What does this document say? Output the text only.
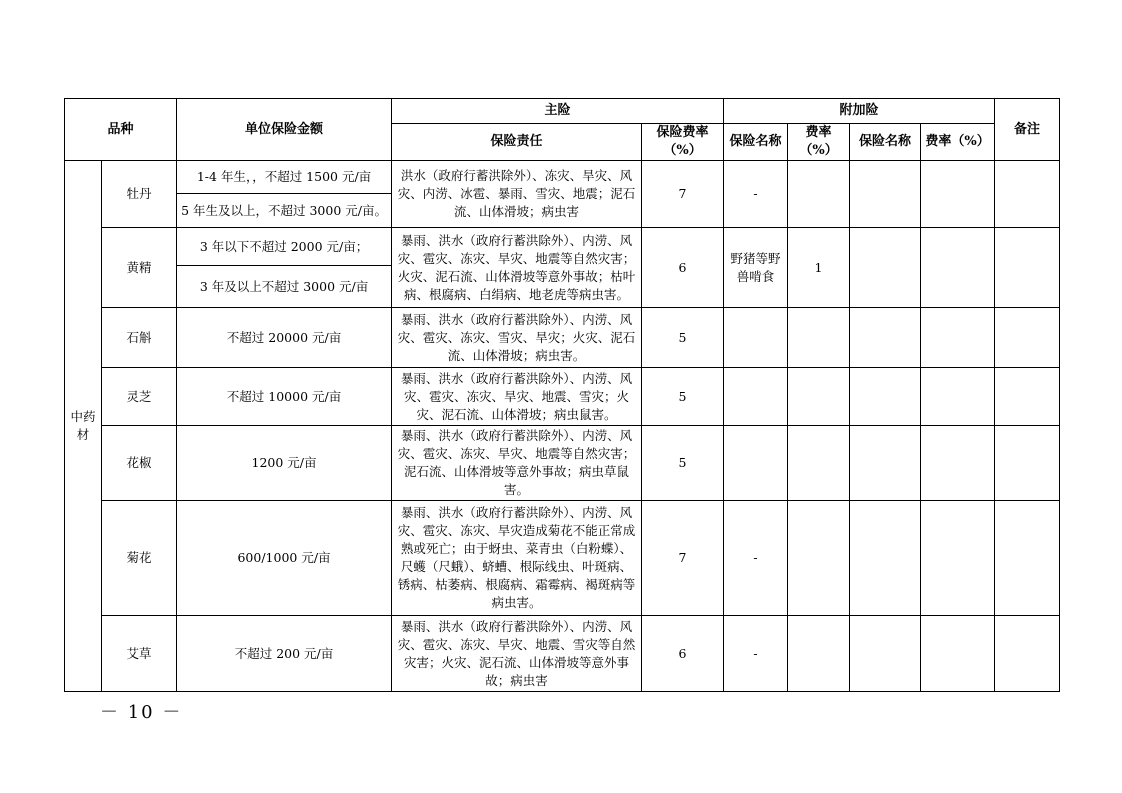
品种		单位保险金额	主险		附加险				备注
			保险责任	保险费率（%）	保险名称	费率（%）	保险名称	费率（%）	
中药材	牡丹	1-4 年生，，不超过 1500 元/亩	洪水（政府行蓄洪除外）、冻灾、旱灾、风灾、内涝、冰雹、暴雨、雪灾、地震；泥石流、山体滑坡；病虫害	7	-				
		5 年生及以上，不超过 3000 元/亩。							
	黄精	3 年以下不超过 2000 元/亩；	暴雨、洪水（政府行蓄洪除外）、内涝、风灾、雹灾、冻灾、旱灾、地震等自然灾害；火灾、泥石流、山体滑坡等意外事故；枯叶病、根腐病、白绢病、地老虎等病虫害。	6	野猪等野兽啃食	1			
		3 年及以上不超过 3000 元/亩							
	石斛	不超过 20000 元/亩	暴雨、洪水（政府行蓄洪除外）、内涝、风灾、雹灾、冻灾、雪灾、旱灾；火灾、泥石流、山体滑坡；病虫害。	5					
	灵芝	不超过 10000 元/亩	暴雨、洪水（政府行蓄洪除外）、内涝、风灾、雹灾、冻灾、旱灾、地震、雪灾；火灾、泥石流、山体滑坡；病虫鼠害。	5					
	花椒	1200 元/亩	暴雨、洪水（政府行蓄洪除外）、内涝、风灾、雹灾、冻灾、旱灾、地震等自然灾害；泥石流、山体滑坡等意外事故；病虫草鼠害。	5					
	菊花	600/1000 元/亩	暴雨、洪水（政府行蓄洪除外）、内涝、风灾、雹灾、冻灾、旱灾造成菊花不能正常成熟或死亡；由于蚜虫、菜青虫（白粉蝶）、尺蠖（尺蛾）、蛴螬、根际线虫、叶斑病、锈病、枯萎病、根腐病、霜霉病、褐斑病等病虫害。	7	-				
	艾草	不超过 200 元/亩	暴雨、洪水（政府行蓄洪除外）、内涝、风灾、雹灾、冻灾、旱灾、地震、雪灾等自然灾害；火灾、泥石流、山体滑坡等意外事故；病虫害	6	-				
－ 10 －
